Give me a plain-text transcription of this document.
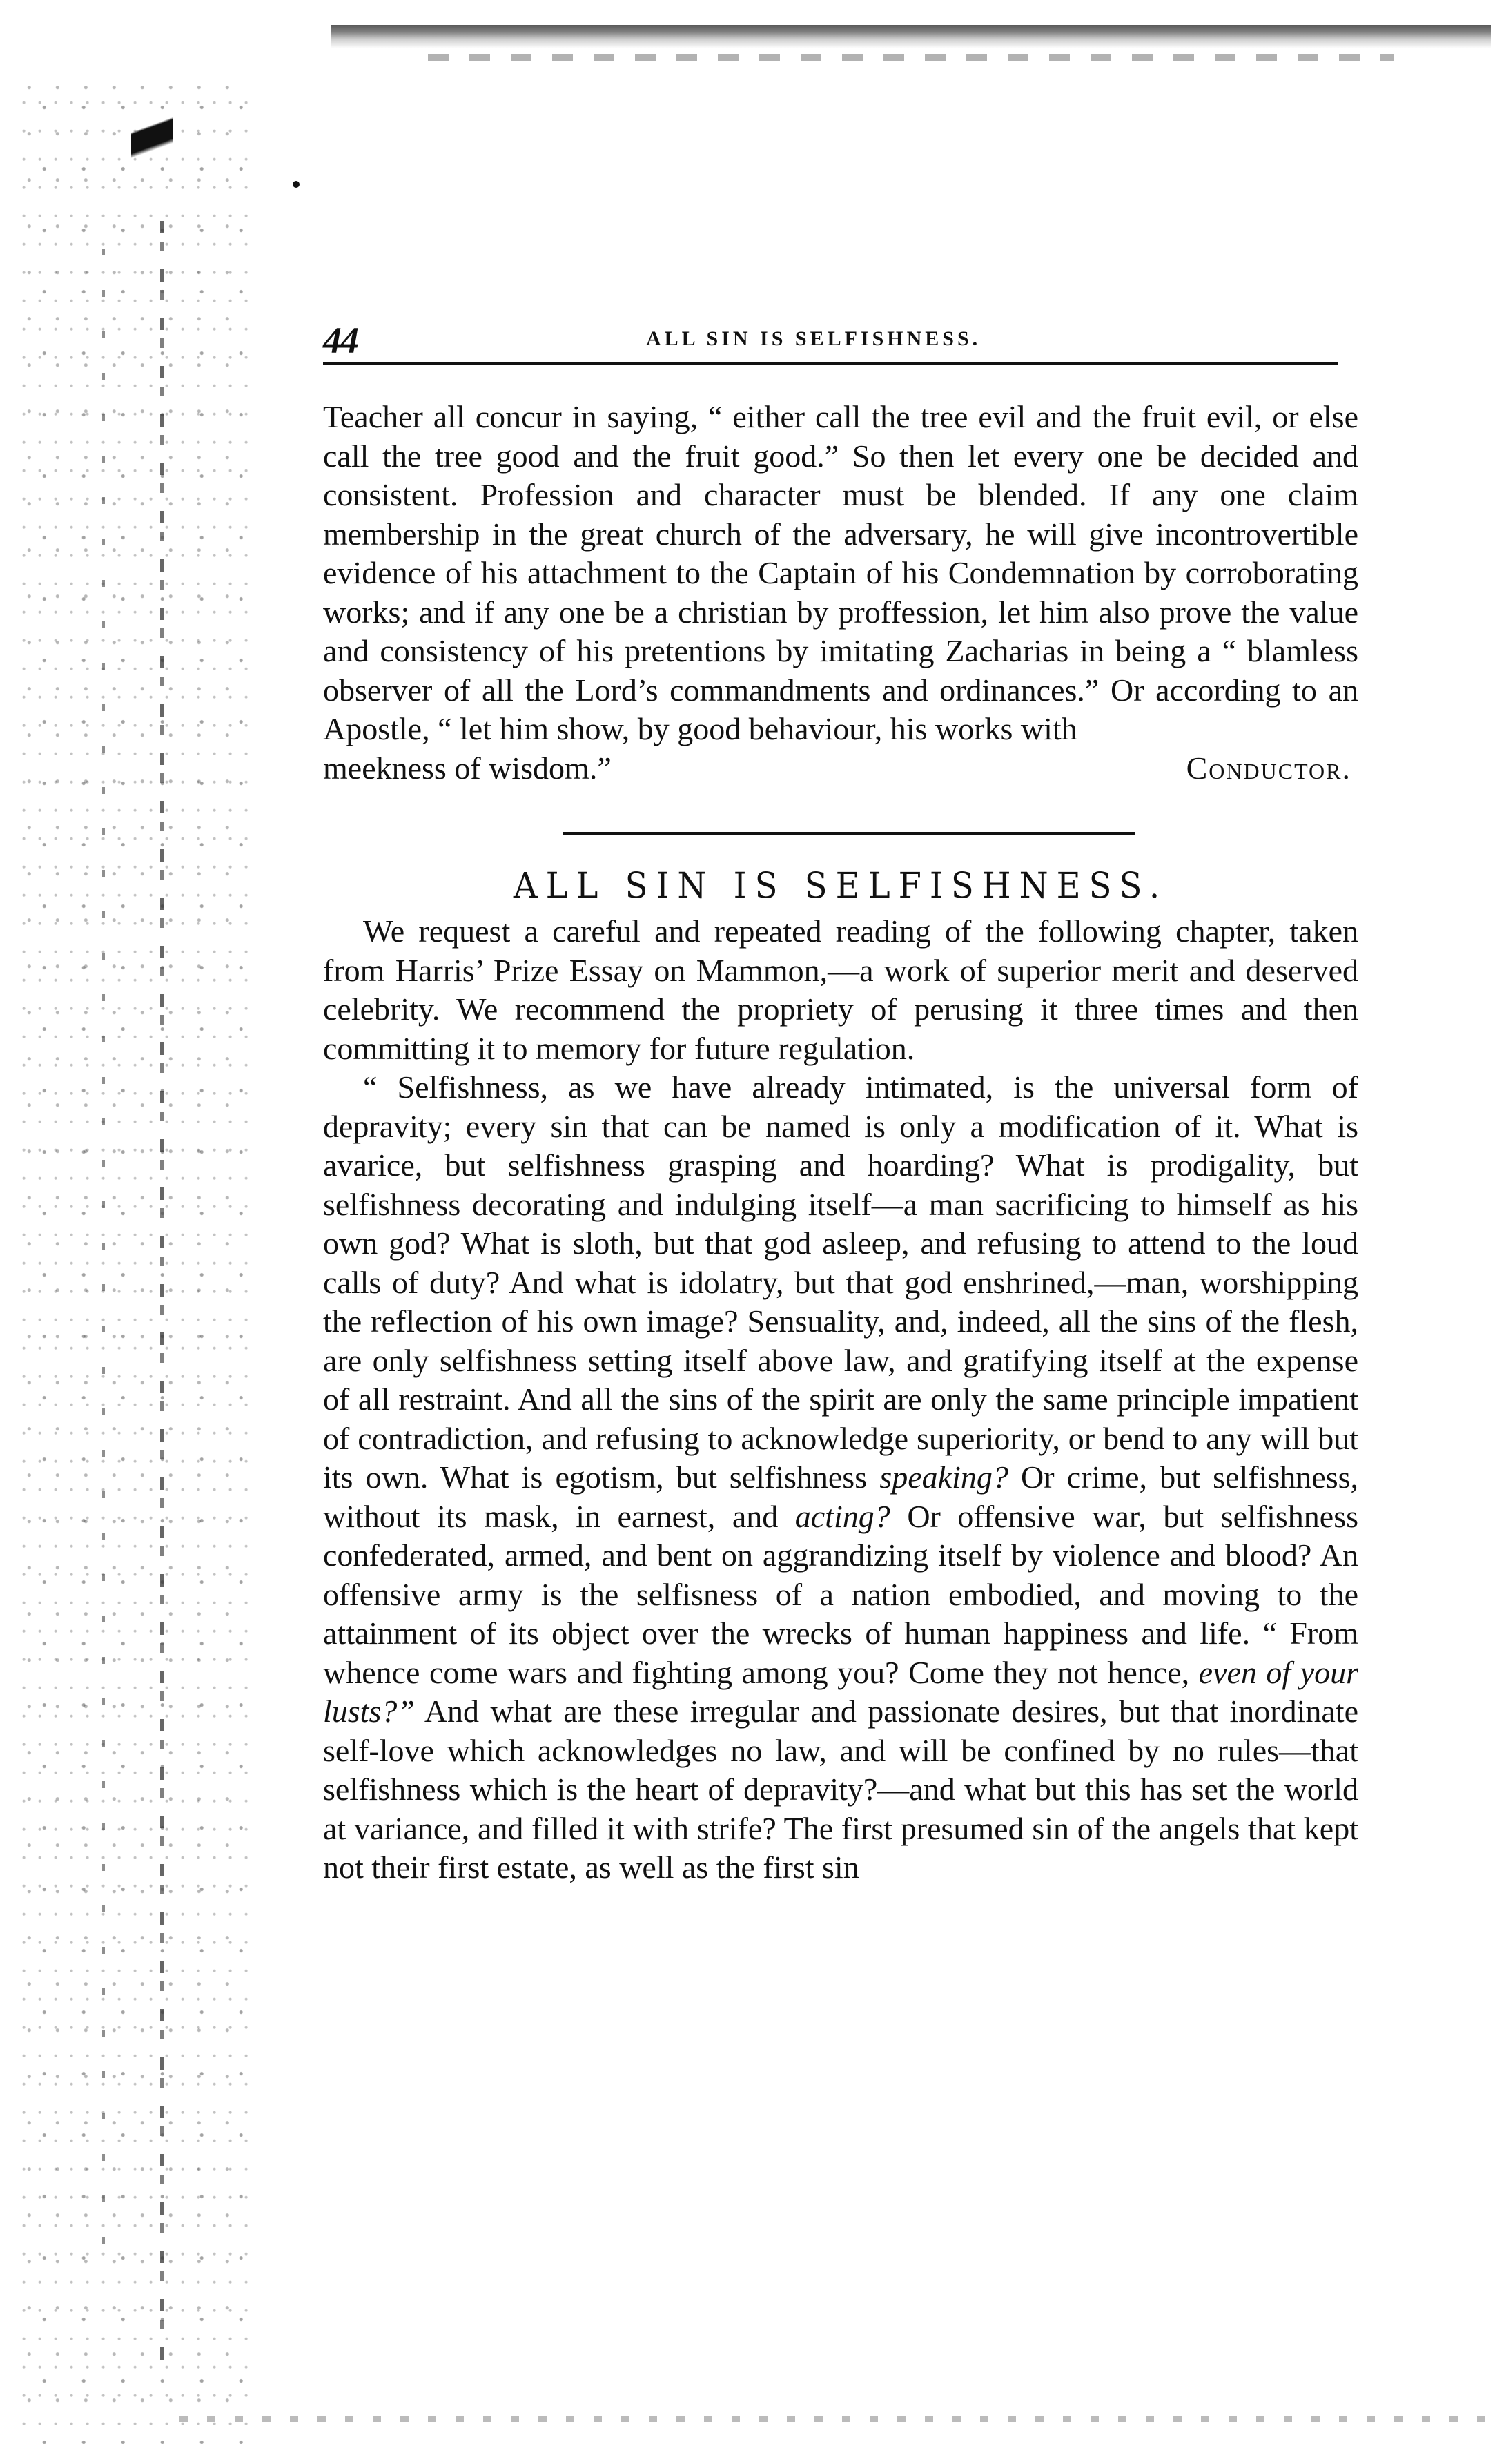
44	ALL SIN IS SELFISHNESS.

Teacher all concur in saying, “ either call the tree evil and the fruit evil, or else call the tree good and the fruit good.” So then let every one be decided and consistent. Profession and character must be blended. If any one claim membership in the great church of the adversary, he will give incontrovertible evidence of his attachment to the Captain of his Condemnation by corroborating works; and if any one be a christian by proffession, let him also prove the value and consistency of his pretentions by imitating Zacharias in being a “ blamless observer of all the Lord’s commandments and ordinances.” Or according to an Apostle, “ let him show, by good behaviour, his works with

meekness of wisdom.”	Conductor.
ALL SIN IS SELFISHNESS.

We request a careful and repeated reading of the following chapter, taken from Harris’ Prize Essay on Mammon,—a work of superior merit and deserved celebrity. We recommend the propriety of perusing it three times and then committing it to memory for future regulation.

“ Selfishness, as we have already intimated, is the universal form of depravity; every sin that can be named is only a modification of it. What is avarice, but selfishness grasping and hoarding? What is prodigality, but selfishness decorating and indulging itself—a man sacrificing to himself as his own god? What is sloth, but that god asleep, and refusing to attend to the loud calls of duty? And what is idolatry, but that god enshrined,—man, worshipping the reflection of his own image? Sensuality, and, indeed, all the sins of the flesh, are only selfishness setting itself above law, and gratifying itself at the expense of all restraint. And all the sins of the spirit are only the same principle impatient of contradiction, and refusing to acknowledge superiority, or bend to any will but its own. What is egotism, but selfishness speaking? Or crime, but selfishness, without its mask, in earnest, and acting? Or offensive war, but selfishness confederated, armed, and bent on aggrandizing itself by violence and blood? An offensive army is the selfisness of a nation embodied, and moving to the attainment of its object over the wrecks of human happiness and life. “ From whence come wars and fighting among you? Come they not hence, even of your lusts?” And what are these irregular and passionate desires, but that inordinate self-love which acknowledges no law, and will be confined by no rules—that selfishness which is the heart of depravity?—and what but this has set the world at variance, and filled it with strife? The first presumed sin of the angels that kept not their first estate, as well as the first sin
